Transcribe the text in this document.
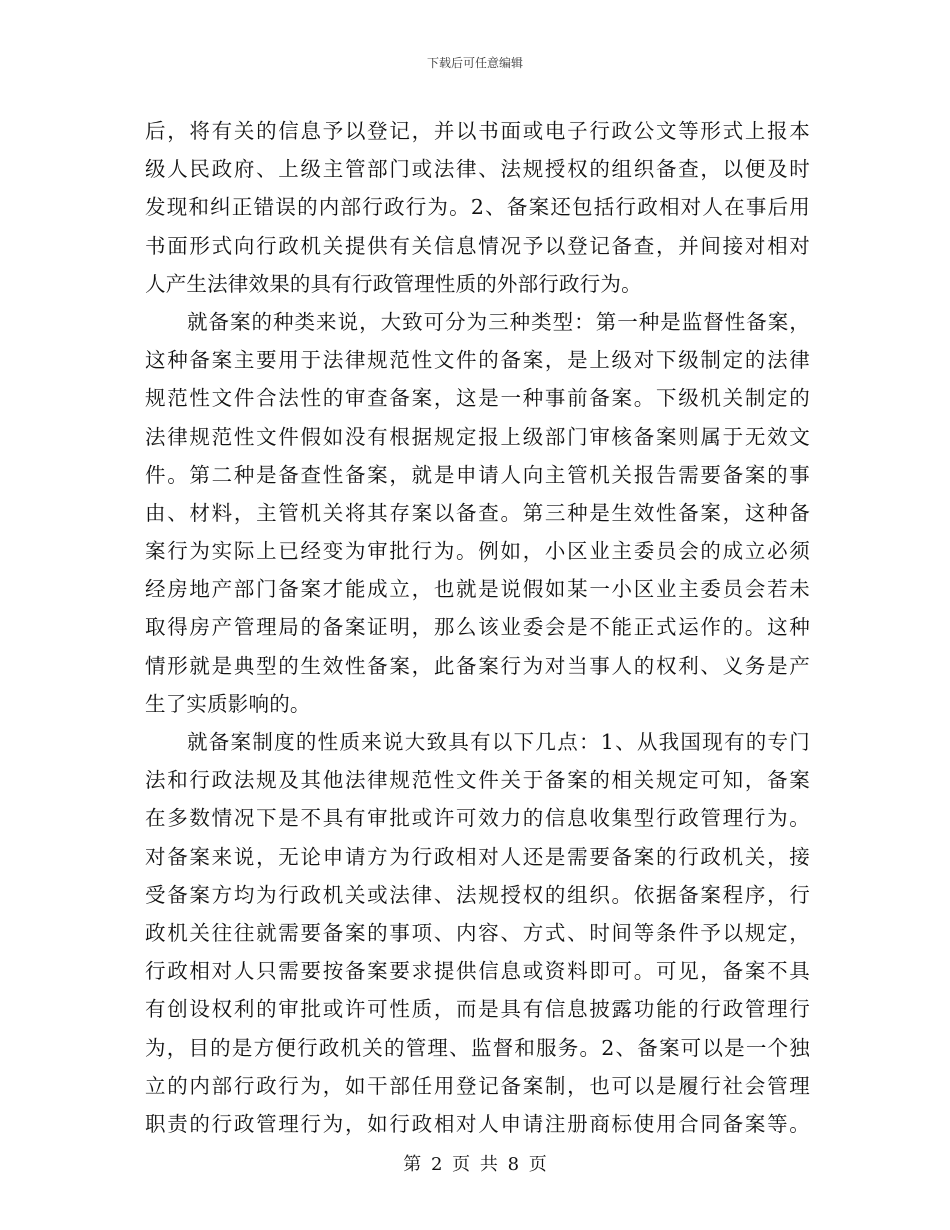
下载后可任意编辑
后，将有关的信息予以登记，并以书面或电子行政公文等形式上报本
级人民政府、上级主管部门或法律、法规授权的组织备查，以便及时
发现和纠正错误的内部行政行为。2、备案还包括行政相对人在事后用
书面形式向行政机关提供有关信息情况予以登记备查，并间接对相对
人产生法律效果的具有行政管理性质的外部行政行为。
就备案的种类来说，大致可分为三种类型：第一种是监督性备案，
这种备案主要用于法律规范性文件的备案，是上级对下级制定的法律
规范性文件合法性的审查备案，这是一种事前备案。下级机关制定的
法律规范性文件假如没有根据规定报上级部门审核备案则属于无效文
件。第二种是备查性备案，就是申请人向主管机关报告需要备案的事
由、材料，主管机关将其存案以备查。第三种是生效性备案，这种备
案行为实际上已经变为审批行为。例如，小区业主委员会的成立必须
经房地产部门备案才能成立，也就是说假如某一小区业主委员会若未
取得房产管理局的备案证明，那么该业委会是不能正式运作的。这种
情形就是典型的生效性备案，此备案行为对当事人的权利、义务是产
生了实质影响的。
就备案制度的性质来说大致具有以下几点：1、从我国现有的专门
法和行政法规及其他法律规范性文件关于备案的相关规定可知，备案
在多数情况下是不具有审批或许可效力的信息收集型行政管理行为。
对备案来说，无论申请方为行政相对人还是需要备案的行政机关，接
受备案方均为行政机关或法律、法规授权的组织。依据备案程序，行
政机关往往就需要备案的事项、内容、方式、时间等条件予以规定，
行政相对人只需要按备案要求提供信息或资料即可。可见，备案不具
有创设权利的审批或许可性质，而是具有信息披露功能的行政管理行
为，目的是方便行政机关的管理、监督和服务。2、备案可以是一个独
立的内部行政行为，如干部任用登记备案制，也可以是履行社会管理
职责的行政管理行为，如行政相对人申请注册商标使用合同备案等。
第 2 页 共 8 页
